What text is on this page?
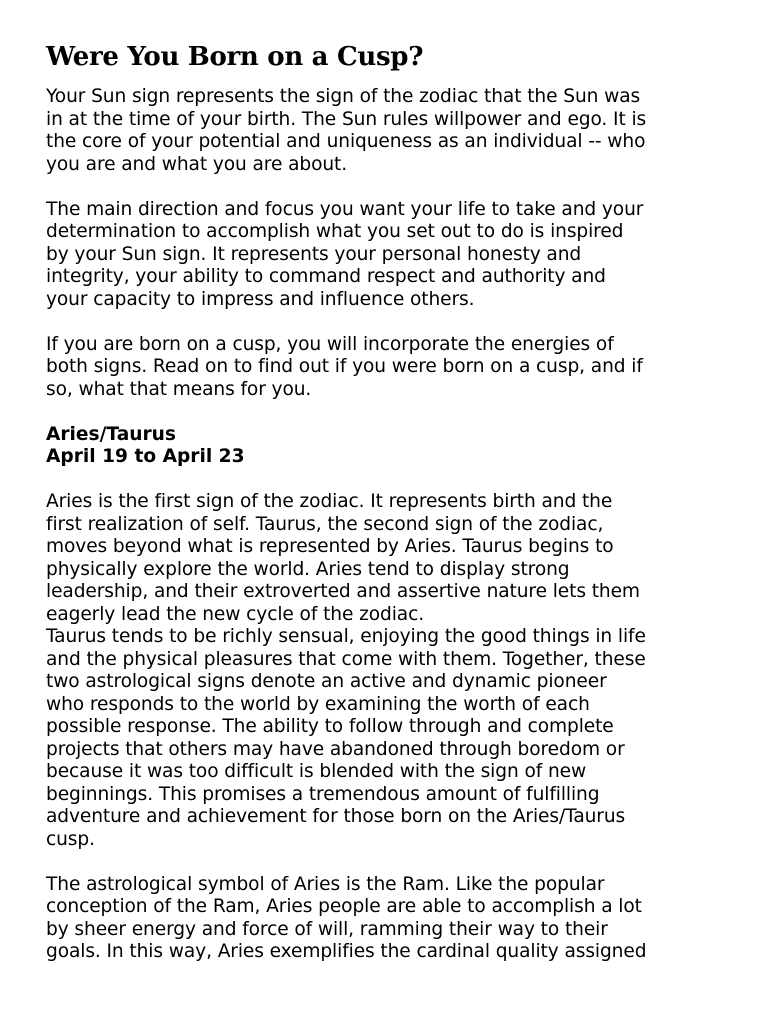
Were You Born on a Cusp?

Your Sun sign represents the sign of the zodiac that the Sun was
in at the time of your birth. The Sun rules willpower and ego. It is
the core of your potential and uniqueness as an individual -- who
you are and what you are about.

The main direction and focus you want your life to take and your
determination to accomplish what you set out to do is inspired
by your Sun sign. It represents your personal honesty and
integrity, your ability to command respect and authority and
your capacity to impress and influence others.

If you are born on a cusp, you will incorporate the energies of
both signs. Read on to find out if you were born on a cusp, and if
so, what that means for you.

Aries/Taurus

April 19 to April 23

Aries is the first sign of the zodiac. It represents birth and the
first realization of self. Taurus, the second sign of the zodiac,
moves beyond what is represented by Aries. Taurus begins to
physically explore the world. Aries tend to display strong
leadership, and their extroverted and assertive nature lets them
eagerly lead the new cycle of the zodiac.

Taurus tends to be richly sensual, enjoying the good things in life
and the physical pleasures that come with them. Together, these
two astrological signs denote an active and dynamic pioneer
who responds to the world by examining the worth of each
possible response. The ability to follow through and complete
projects that others may have abandoned through boredom or
because it was too difficult is blended with the sign of new
beginnings. This promises a tremendous amount of fulfilling
adventure and achievement for those born on the Aries/Taurus
cusp.

The astrological symbol of Aries is the Ram. Like the popular
conception of the Ram, Aries people are able to accomplish a lot
by sheer energy and force of will, ramming their way to their
goals. In this way, Aries exemplifies the cardinal quality assigned
